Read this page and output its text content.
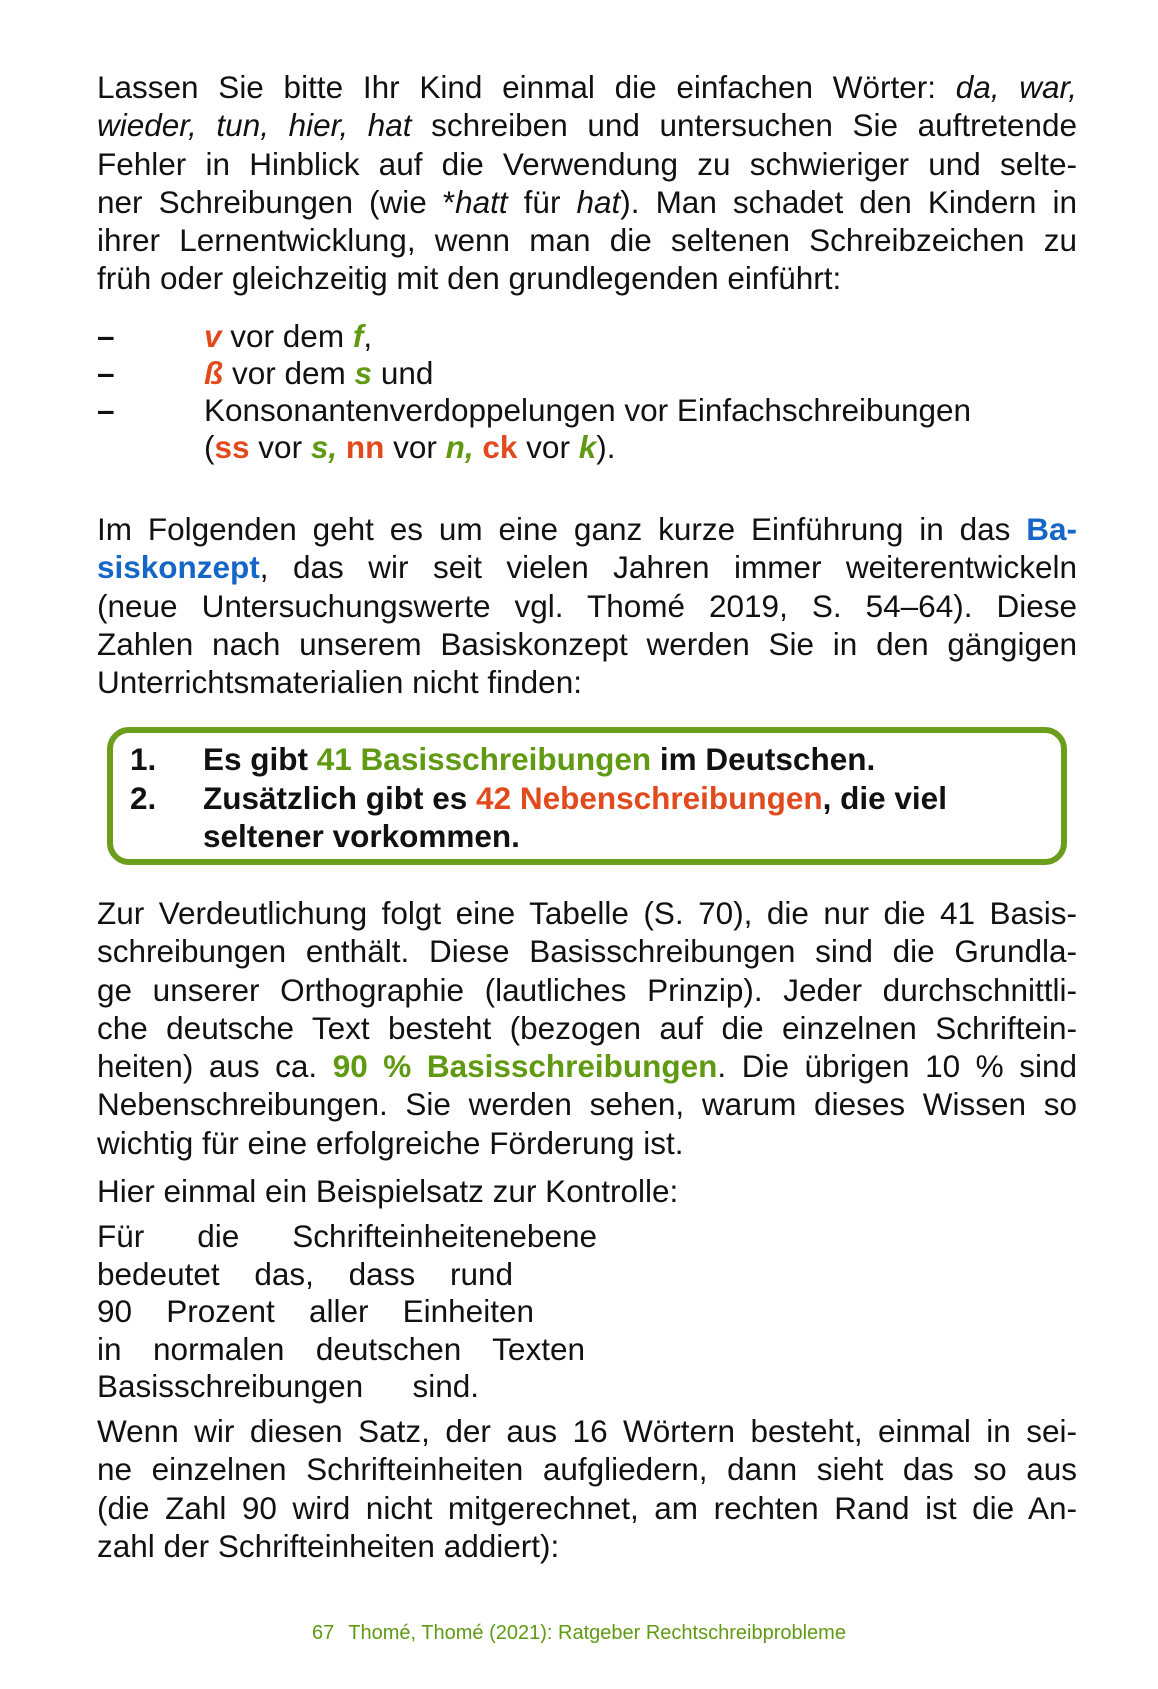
Lassen Sie bitte Ihr Kind einmal die einfachen Wörter: da, war,
wieder, tun, hier, hat schreiben und untersuchen Sie auftretende
Fehler in Hinblick auf die Verwendung zu schwieriger und selte-
ner Schreibungen (wie *hatt für hat). Man schadet den Kindern in
ihrer Lernentwicklung, wenn man die seltenen Schreibzeichen zu
früh oder gleichzeitig mit den grundlegenden einführt:
–	v vor dem f,
–	ß vor dem s und
–	Konsonantenverdoppelungen vor Einfachschreibungen
(ss vor s, nn vor n, ck vor k).
Im Folgenden geht es um eine ganz kurze Einführung in das Ba-
siskonzept, das wir seit vielen Jahren immer weiterentwickeln
(neue Untersuchungswerte vgl. Thomé 2019, S. 54–64). Diese
Zahlen nach unserem Basiskonzept werden Sie in den gängigen
Unterrichtsmaterialien nicht finden:
1. Es gibt 41 Basisschreibungen im Deutschen.
2. Zusätzlich gibt es 42 Nebenschreibungen, die viel
seltener vorkommen.
Zur Verdeutlichung folgt eine Tabelle (S. 70), die nur die 41 Basis-
schreibungen enthält. Diese Basisschreibungen sind die Grundla-
ge unserer Orthographie (lautliches Prinzip). Jeder durchschnittli-
che deutsche Text besteht (bezogen auf die einzelnen Schriftein-
heiten) aus ca. 90 % Basisschreibungen. Die übrigen 10 % sind
Nebenschreibungen. Sie werden sehen, warum dieses Wissen so
wichtig für eine erfolgreiche Förderung ist.
Hier einmal ein Beispielsatz zur Kontrolle:
Für die Schrifteinheitenebene
bedeutet das, dass rund
90 Prozent aller Einheiten
in normalen deutschen Texten
Basisschreibungen sind.
Wenn wir diesen Satz, der aus 16 Wörtern besteht, einmal in sei-
ne einzelnen Schrifteinheiten aufgliedern, dann sieht das so aus
(die Zahl 90 wird nicht mitgerechnet, am rechten Rand ist die An-
zahl der Schrifteinheiten addiert):
67 Thomé, Thomé (2021): Ratgeber Rechtschreibprobleme
